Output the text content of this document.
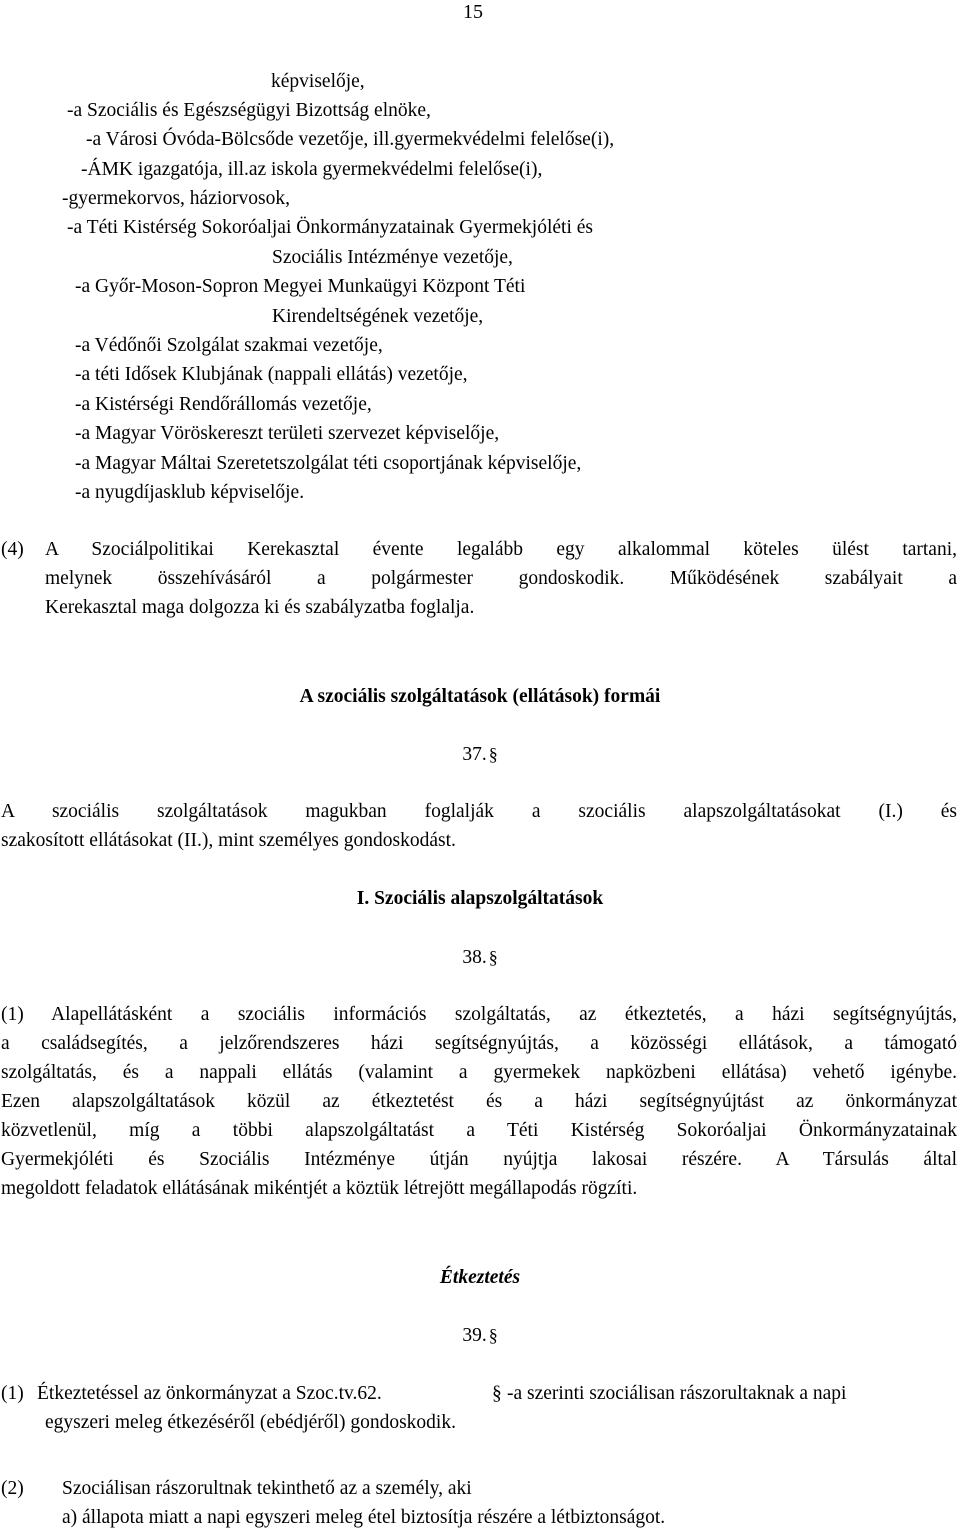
15
képviselője,
-a Szociális és Egészségügyi Bizottság elnöke,
-a Városi Óvóda-Bölcsőde vezetője, ill.gyermekvédelmi felelőse(i),
-ÁMK igazgatója, ill.az iskola gyermekvédelmi felelőse(i),
-gyermekorvos, háziorvosok,
-a Téti Kistérség Sokoróaljai Önkormányzatainak Gyermekjóléti és
Szociális Intézménye vezetője,
-a Győr-Moson-Sopron Megyei Munkaügyi Központ Téti
Kirendeltségének vezetője,
-a Védőnői Szolgálat szakmai vezetője,
-a téti Idősek Klubjának (nappali ellátás) vezetője,
-a Kistérségi Rendőrállomás vezetője,
-a Magyar Vöröskereszt területi szervezet képviselője,
-a Magyar Máltai Szeretetszolgálat téti csoportjának képviselője,
-a nyugdíjasklub képviselője.
(4) A Szociálpolitikai Kerekasztal évente legalább egy alkalommal köteles ülést tartani,
melynek összehívásáról a polgármester gondoskodik. Működésének szabályait a
Kerekasztal maga dolgozza ki és szabályzatba foglalja.
A szociális szolgáltatások (ellátások) formái
37. §
A szociális szolgáltatások magukban foglalják a szociális alapszolgáltatásokat (I.) és
szakosított ellátásokat (II.), mint személyes gondoskodást.
I. Szociális alapszolgáltatások
38. §
(1) Alapellátásként a szociális információs szolgáltatás, az étkeztetés, a házi segítségnyújtás,
a családsegítés, a jelzőrendszeres házi segítségnyújtás, a közösségi ellátások, a támogató
szolgáltatás, és a nappali ellátás (valamint a gyermekek napközbeni ellátása) vehető igénybe.
Ezen alapszolgáltatások közül az étkeztetést és a házi segítségnyújtást az önkormányzat
közvetlenül, míg a többi alapszolgáltatást a Téti Kistérség Sokoróaljai Önkormányzatainak
Gyermekjóléti és Szociális Intézménye útján nyújtja lakosai részére. A Társulás által
megoldott feladatok ellátásának mikéntjét a köztük létrejött megállapodás rögzíti.
Étkeztetés
39. §
(1) Étkeztetéssel az önkormányzat a Szoc.tv.62.	§ -a szerinti szociálisan rászorultaknak a napi
egyszeri meleg étkezéséről (ebédjéről) gondoskodik.
(2) Szociálisan rászorultnak tekinthető az a személy, aki
a) állapota miatt a napi egyszeri meleg étel biztosítja részére a létbiztonságot.
